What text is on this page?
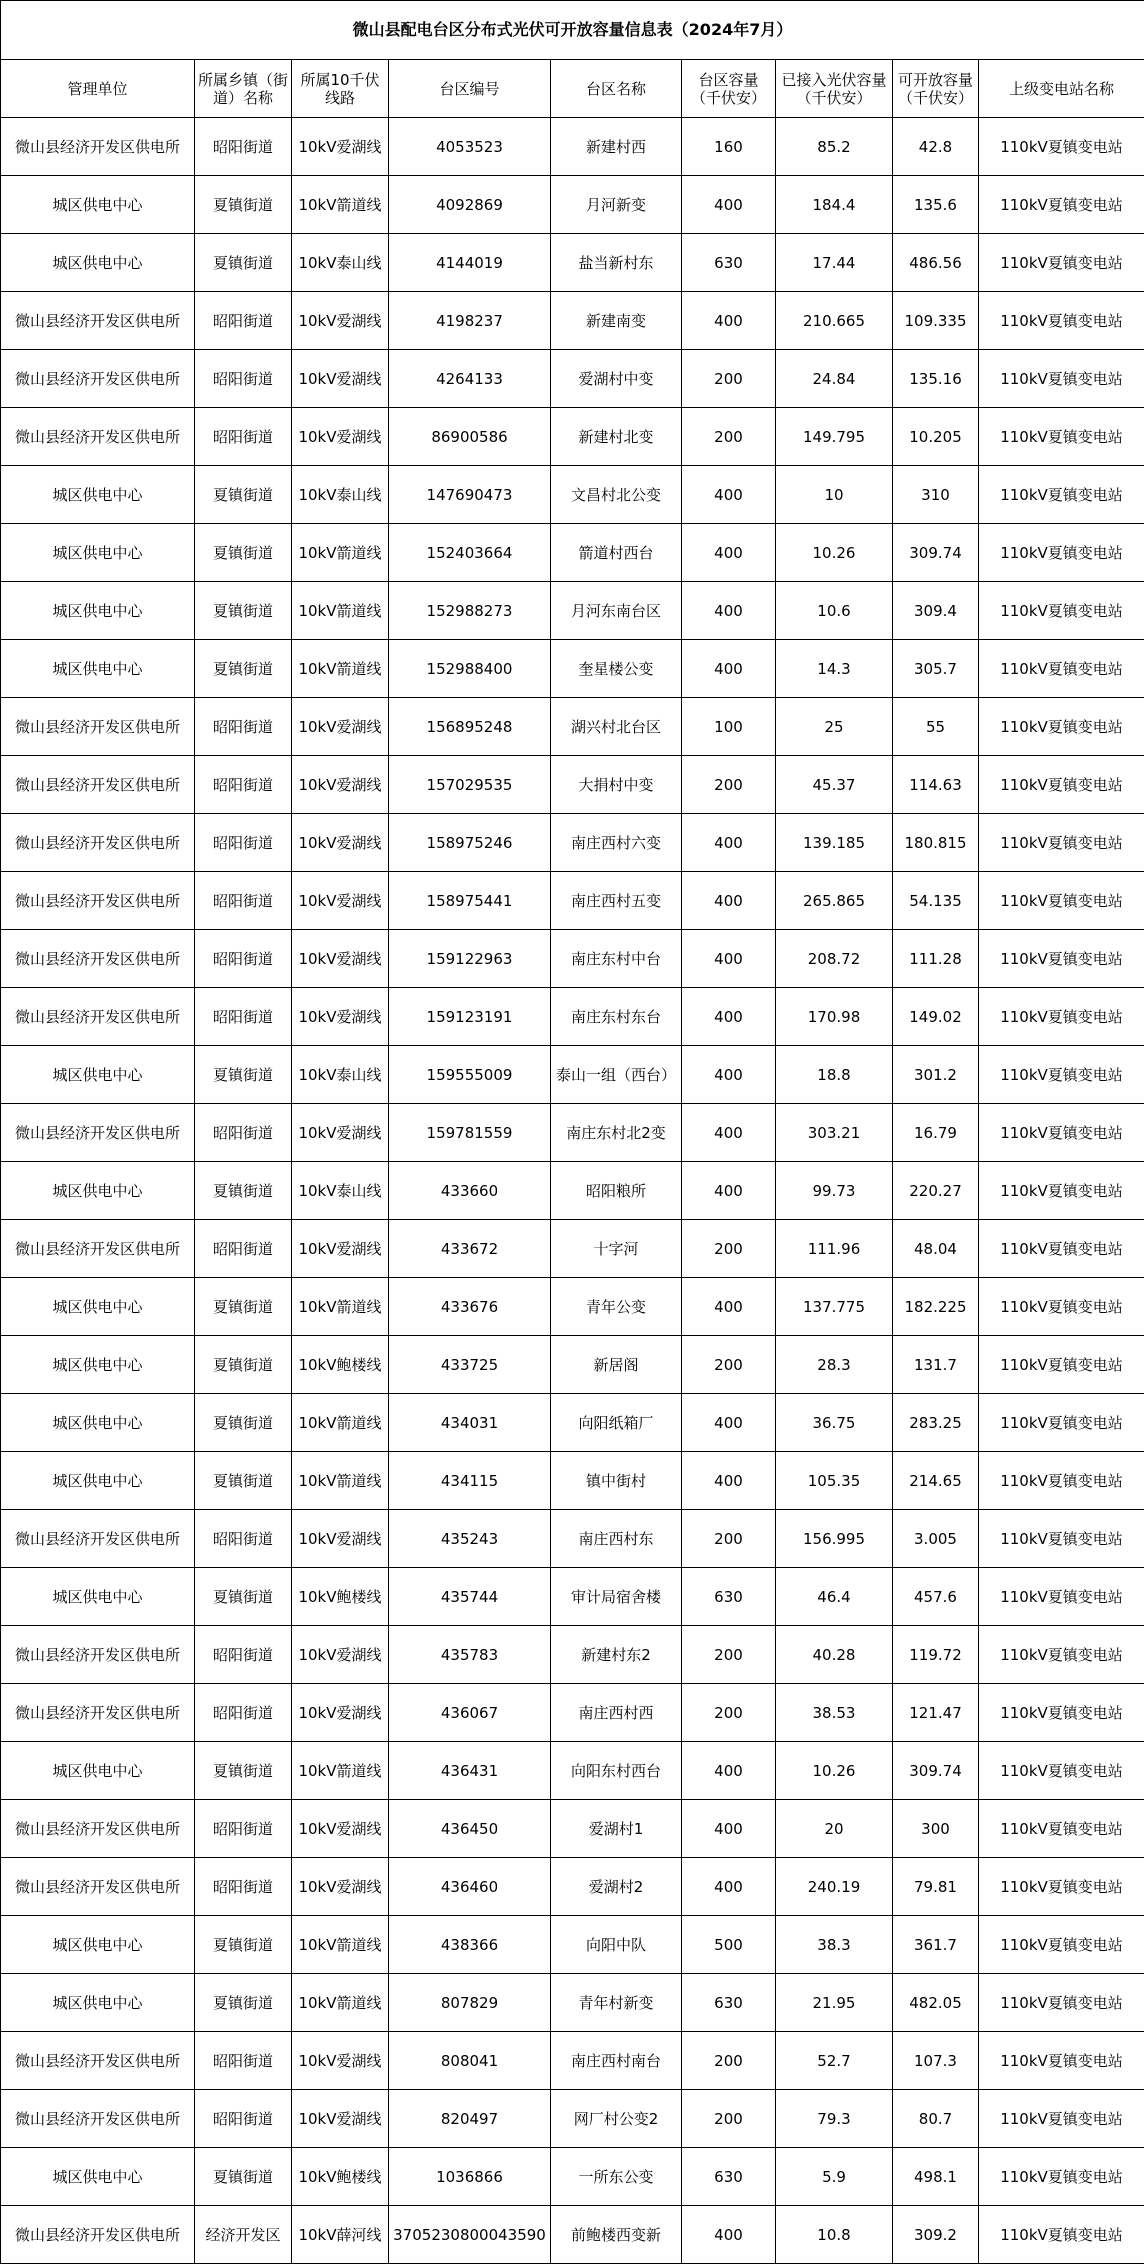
微山县配电台区分布式光伏可开放容量信息表（2024年7月）								
管理单位	所属乡镇（街道）名称	所属10千伏线路	台区编号	台区名称	台区容量（千伏安）	已接入光伏容量（千伏安）	可开放容量（千伏安）	上级变电站名称
微山县经济开发区供电所	昭阳街道	10kV爱湖线	4053523	新建村西	160	85.2	42.8	110kV夏镇变电站
城区供电中心	夏镇街道	10kV箭道线	4092869	月河新变	400	184.4	135.6	110kV夏镇变电站
城区供电中心	夏镇街道	10kV泰山线	4144019	盐当新村东	630	17.44	486.56	110kV夏镇变电站
微山县经济开发区供电所	昭阳街道	10kV爱湖线	4198237	新建南变	400	210.665	109.335	110kV夏镇变电站
微山县经济开发区供电所	昭阳街道	10kV爱湖线	4264133	爱湖村中变	200	24.84	135.16	110kV夏镇变电站
微山县经济开发区供电所	昭阳街道	10kV爱湖线	86900586	新建村北变	200	149.795	10.205	110kV夏镇变电站
城区供电中心	夏镇街道	10kV泰山线	147690473	文昌村北公变	400	10	310	110kV夏镇变电站
城区供电中心	夏镇街道	10kV箭道线	152403664	箭道村西台	400	10.26	309.74	110kV夏镇变电站
城区供电中心	夏镇街道	10kV箭道线	152988273	月河东南台区	400	10.6	309.4	110kV夏镇变电站
城区供电中心	夏镇街道	10kV箭道线	152988400	奎星楼公变	400	14.3	305.7	110kV夏镇变电站
微山县经济开发区供电所	昭阳街道	10kV爱湖线	156895248	湖兴村北台区	100	25	55	110kV夏镇变电站
微山县经济开发区供电所	昭阳街道	10kV爱湖线	157029535	大捐村中变	200	45.37	114.63	110kV夏镇变电站
微山县经济开发区供电所	昭阳街道	10kV爱湖线	158975246	南庄西村六变	400	139.185	180.815	110kV夏镇变电站
微山县经济开发区供电所	昭阳街道	10kV爱湖线	158975441	南庄西村五变	400	265.865	54.135	110kV夏镇变电站
微山县经济开发区供电所	昭阳街道	10kV爱湖线	159122963	南庄东村中台	400	208.72	111.28	110kV夏镇变电站
微山县经济开发区供电所	昭阳街道	10kV爱湖线	159123191	南庄东村东台	400	170.98	149.02	110kV夏镇变电站
城区供电中心	夏镇街道	10kV泰山线	159555009	泰山一组（西台）	400	18.8	301.2	110kV夏镇变电站
微山县经济开发区供电所	昭阳街道	10kV爱湖线	159781559	南庄东村北2变	400	303.21	16.79	110kV夏镇变电站
城区供电中心	夏镇街道	10kV泰山线	433660	昭阳粮所	400	99.73	220.27	110kV夏镇变电站
微山县经济开发区供电所	昭阳街道	10kV爱湖线	433672	十字河	200	111.96	48.04	110kV夏镇变电站
城区供电中心	夏镇街道	10kV箭道线	433676	青年公变	400	137.775	182.225	110kV夏镇变电站
城区供电中心	夏镇街道	10kV鲍楼线	433725	新居阁	200	28.3	131.7	110kV夏镇变电站
城区供电中心	夏镇街道	10kV箭道线	434031	向阳纸箱厂	400	36.75	283.25	110kV夏镇变电站
城区供电中心	夏镇街道	10kV箭道线	434115	镇中街村	400	105.35	214.65	110kV夏镇变电站
微山县经济开发区供电所	昭阳街道	10kV爱湖线	435243	南庄西村东	200	156.995	3.005	110kV夏镇变电站
城区供电中心	夏镇街道	10kV鲍楼线	435744	审计局宿舍楼	630	46.4	457.6	110kV夏镇变电站
微山县经济开发区供电所	昭阳街道	10kV爱湖线	435783	新建村东2	200	40.28	119.72	110kV夏镇变电站
微山县经济开发区供电所	昭阳街道	10kV爱湖线	436067	南庄西村西	200	38.53	121.47	110kV夏镇变电站
城区供电中心	夏镇街道	10kV箭道线	436431	向阳东村西台	400	10.26	309.74	110kV夏镇变电站
微山县经济开发区供电所	昭阳街道	10kV爱湖线	436450	爱湖村1	400	20	300	110kV夏镇变电站
微山县经济开发区供电所	昭阳街道	10kV爱湖线	436460	爱湖村2	400	240.19	79.81	110kV夏镇变电站
城区供电中心	夏镇街道	10kV箭道线	438366	向阳中队	500	38.3	361.7	110kV夏镇变电站
城区供电中心	夏镇街道	10kV箭道线	807829	青年村新变	630	21.95	482.05	110kV夏镇变电站
微山县经济开发区供电所	昭阳街道	10kV爱湖线	808041	南庄西村南台	200	52.7	107.3	110kV夏镇变电站
微山县经济开发区供电所	昭阳街道	10kV爱湖线	820497	网厂村公变2	200	79.3	80.7	110kV夏镇变电站
城区供电中心	夏镇街道	10kV鲍楼线	1036866	一所东公变	630	5.9	498.1	110kV夏镇变电站
微山县经济开发区供电所	经济开发区	10kV薛河线	3705230800043590	前鲍楼西变新	400	10.8	309.2	110kV夏镇变电站
